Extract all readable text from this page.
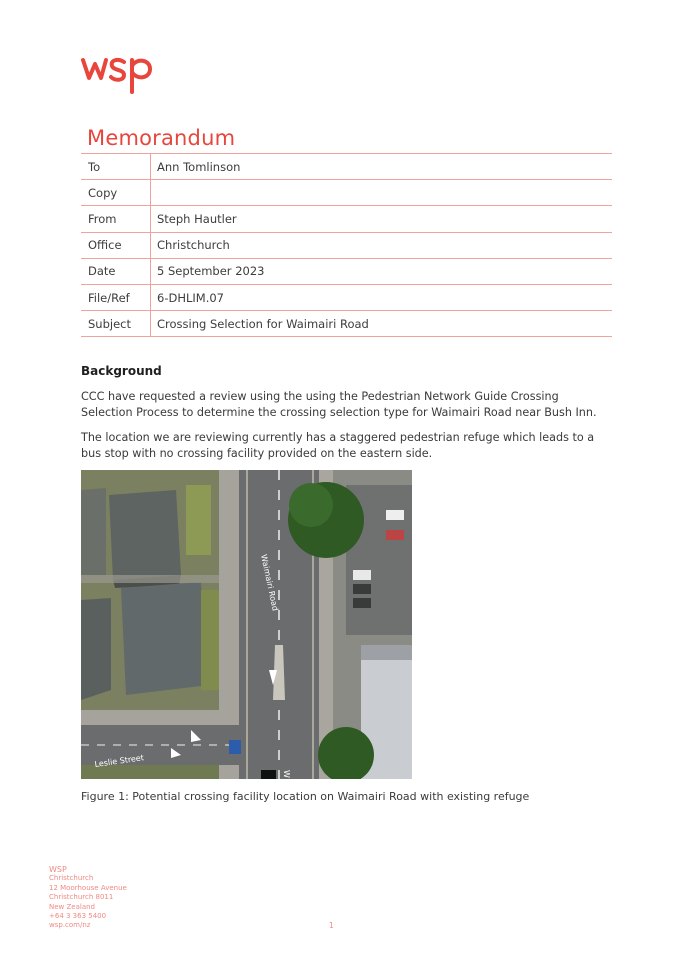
Memorandum
To	Ann Tomlinson
Copy	
From	Steph Hautler
Office	Christchurch
Date	5 September 2023
File/Ref	6-DHLIM.07
Subject	Crossing Selection for Waimairi Road
Background
CCC have requested a review using the using the Pedestrian Network Guide Crossing Selection Process to determine the crossing selection type for Waimairi Road near Bush Inn.
The location we are reviewing currently has a staggered pedestrian refuge which leads to a bus stop with no crossing facility provided on the eastern side.
Waimairi Road
Leslie Street
W
Figure 1: Potential crossing facility location on Waimairi Road with existing refuge
WSP
Christchurch
12 Moorhouse Avenue
Christchurch 8011
New Zealand
+64 3 363 5400
wsp.com/nz	1
